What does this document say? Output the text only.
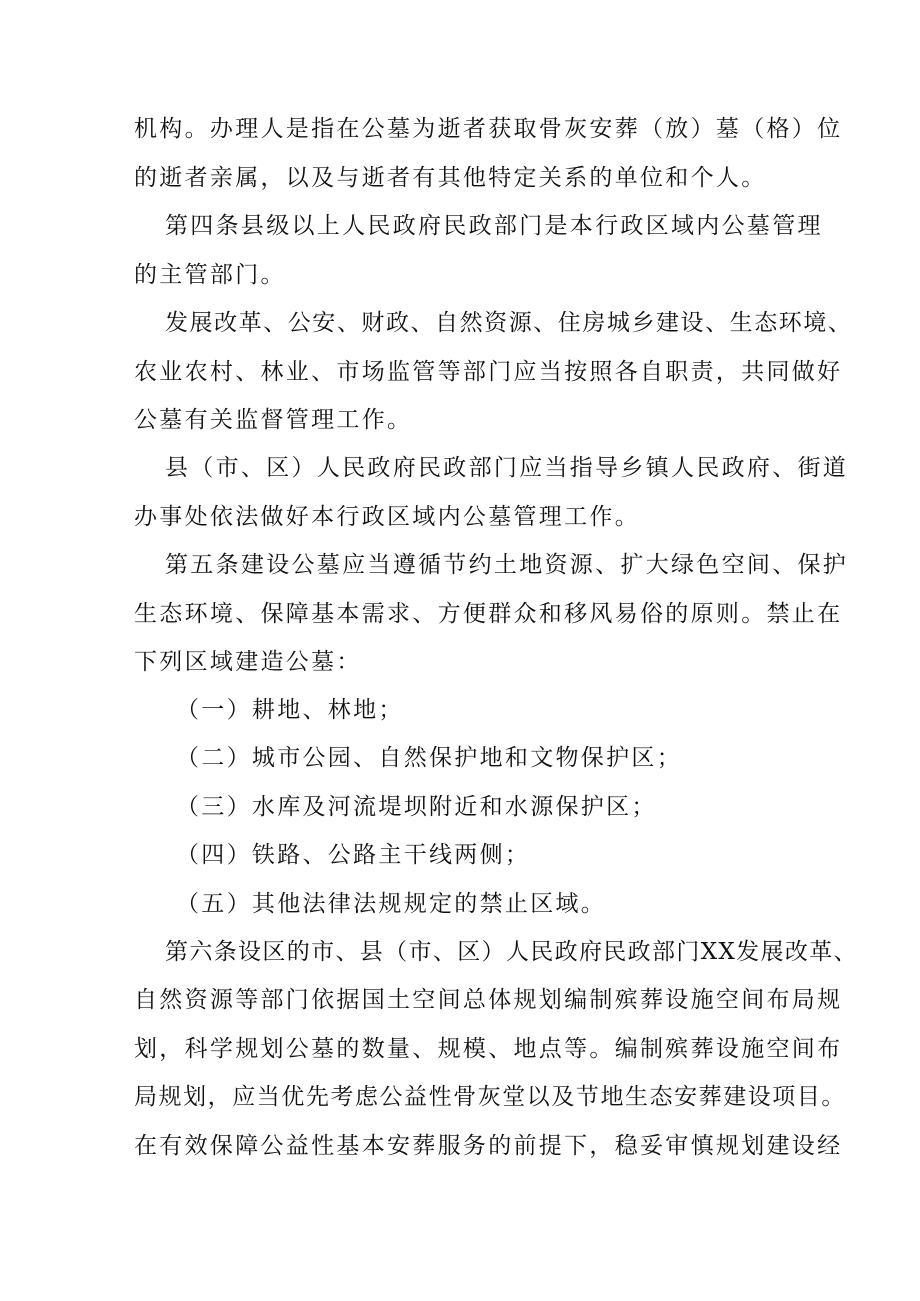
机构。办理人是指在公墓为逝者获取骨灰安葬（放）墓（格）位
的逝者亲属，以及与逝者有其他特定关系的单位和个人。
第四条县级以上人民政府民政部门是本行政区域内公墓管理
的主管部门。
发展改革、公安、财政、自然资源、住房城乡建设、生态环境、
农业农村、林业、市场监管等部门应当按照各自职责，共同做好
公墓有关监督管理工作。
县（市、区）人民政府民政部门应当指导乡镇人民政府、街道
办事处依法做好本行政区域内公墓管理工作。
第五条建设公墓应当遵循节约土地资源、扩大绿色空间、保护
生态环境、保障基本需求、方便群众和移风易俗的原则。禁止在
下列区域建造公墓：
（一）耕地、林地；
（二）城市公园、自然保护地和文物保护区；
（三）水库及河流堤坝附近和水源保护区；
（四）铁路、公路主干线两侧；
（五）其他法律法规规定的禁止区域。
第六条设区的市、县（市、区）人民政府民政部门XX发展改革、
自然资源等部门依据国土空间总体规划编制殡葬设施空间布局规
划，科学规划公墓的数量、规模、地点等。编制殡葬设施空间布
局规划，应当优先考虑公益性骨灰堂以及节地生态安葬建设项目。
在有效保障公益性基本安葬服务的前提下，稳妥审慎规划建设经
